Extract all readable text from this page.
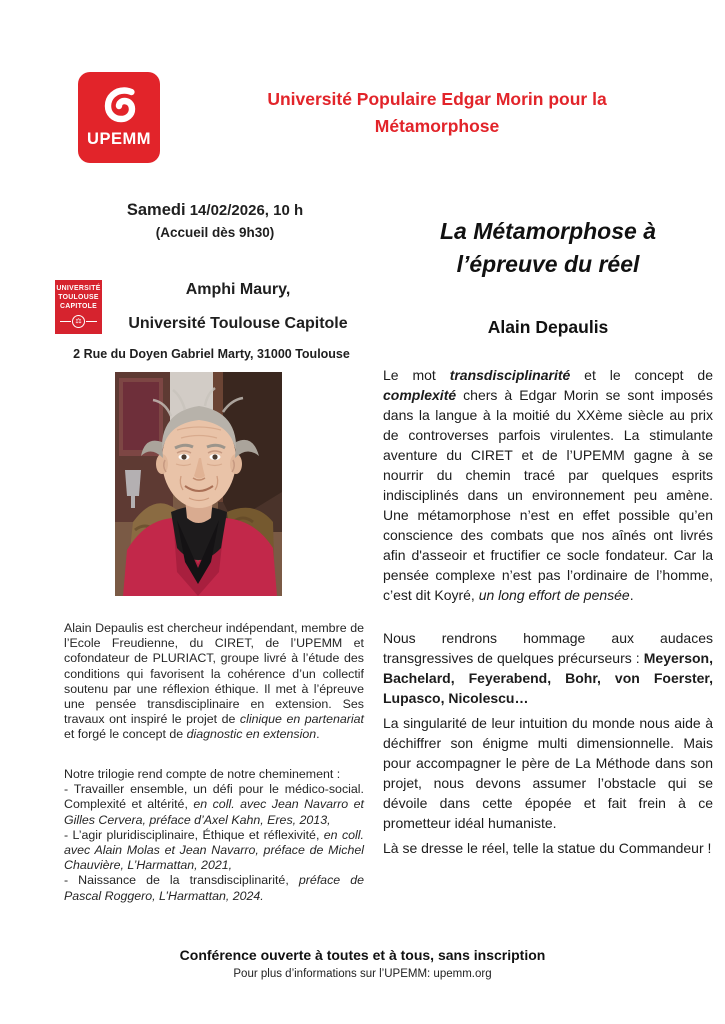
UPEMM
Université Populaire Edgar Morin pour la
Métamorphose
Samedi 14/02/2026, 10 h
(Accueil dès 9h30)
UNIVERSITÉ
TOULOUSE
CAPITOLE
⚖
Amphi Maury,
Université Toulouse Capitole
2 Rue du Doyen Gabriel Marty, 31000 Toulouse

Alain Depaulis est chercheur indépendant, membre de l’Ecole Freudienne, du CIRET, de l’UPEMM et cofondateur de PLURIACT, groupe livré à l’étude des conditions qui favorisent la cohérence d’un collectif soutenu par une réflexion éthique. Il met à l’épreuve une pensée transdisciplinaire en extension. Ses travaux ont inspiré le projet de clinique en partenariat et forgé le concept de diagnostic en extension.

Notre trilogie rend compte de notre cheminement :

- Travailler ensemble, un défi pour le médico-social. Complexité et altérité, en coll. avec Jean Navarro et Gilles Cervera, préface d’Axel Kahn, Eres, 2013,

- L’agir pluridisciplinaire, Éthique et réflexivité, en coll. avec Alain Molas et Jean Navarro, préface de Michel Chauvière, L’Harmattan, 2021,

- Naissance de la transdisciplinarité, préface de Pascal Roggero, L’Harmattan, 2024.

La Métamorphose à
l’épreuve du réel
Alain Depaulis

Le mot transdisciplinarité et le concept de complexité chers à Edgar Morin se sont imposés dans la langue à la moitié du XXème siècle au prix de controverses parfois virulentes. La stimulante aventure du CIRET et de l’UPEMM gagne à se nourrir du chemin tracé par quelques esprits indisciplinés dans un environnement peu amène. Une métamorphose n’est en effet possible qu’en conscience des combats que nos aînés ont livrés afin d'asseoir et fructifier ce socle fondateur. Car la pensée complexe n’est pas l’ordinaire de l’homme, c’est dit Koyré, un long effort de pensée.

Nous rendrons hommage aux audaces transgressives de quelques précurseurs : Meyerson, Bachelard, Feyerabend, Bohr, von Foerster, Lupasco, Nicolescu…

La singularité de leur intuition du monde nous aide à déchiffrer son énigme multi dimensionnelle. Mais pour accompagner le père de La Méthode dans son projet, nous devons assumer l’obstacle qui se dévoile dans cette épopée et fait frein à ce prometteur idéal humaniste.

Là se dresse le réel, telle la statue du Commandeur !

Conférence ouverte à toutes et à tous, sans inscription
Pour plus d’informations sur l’UPEMM: upemm.org
